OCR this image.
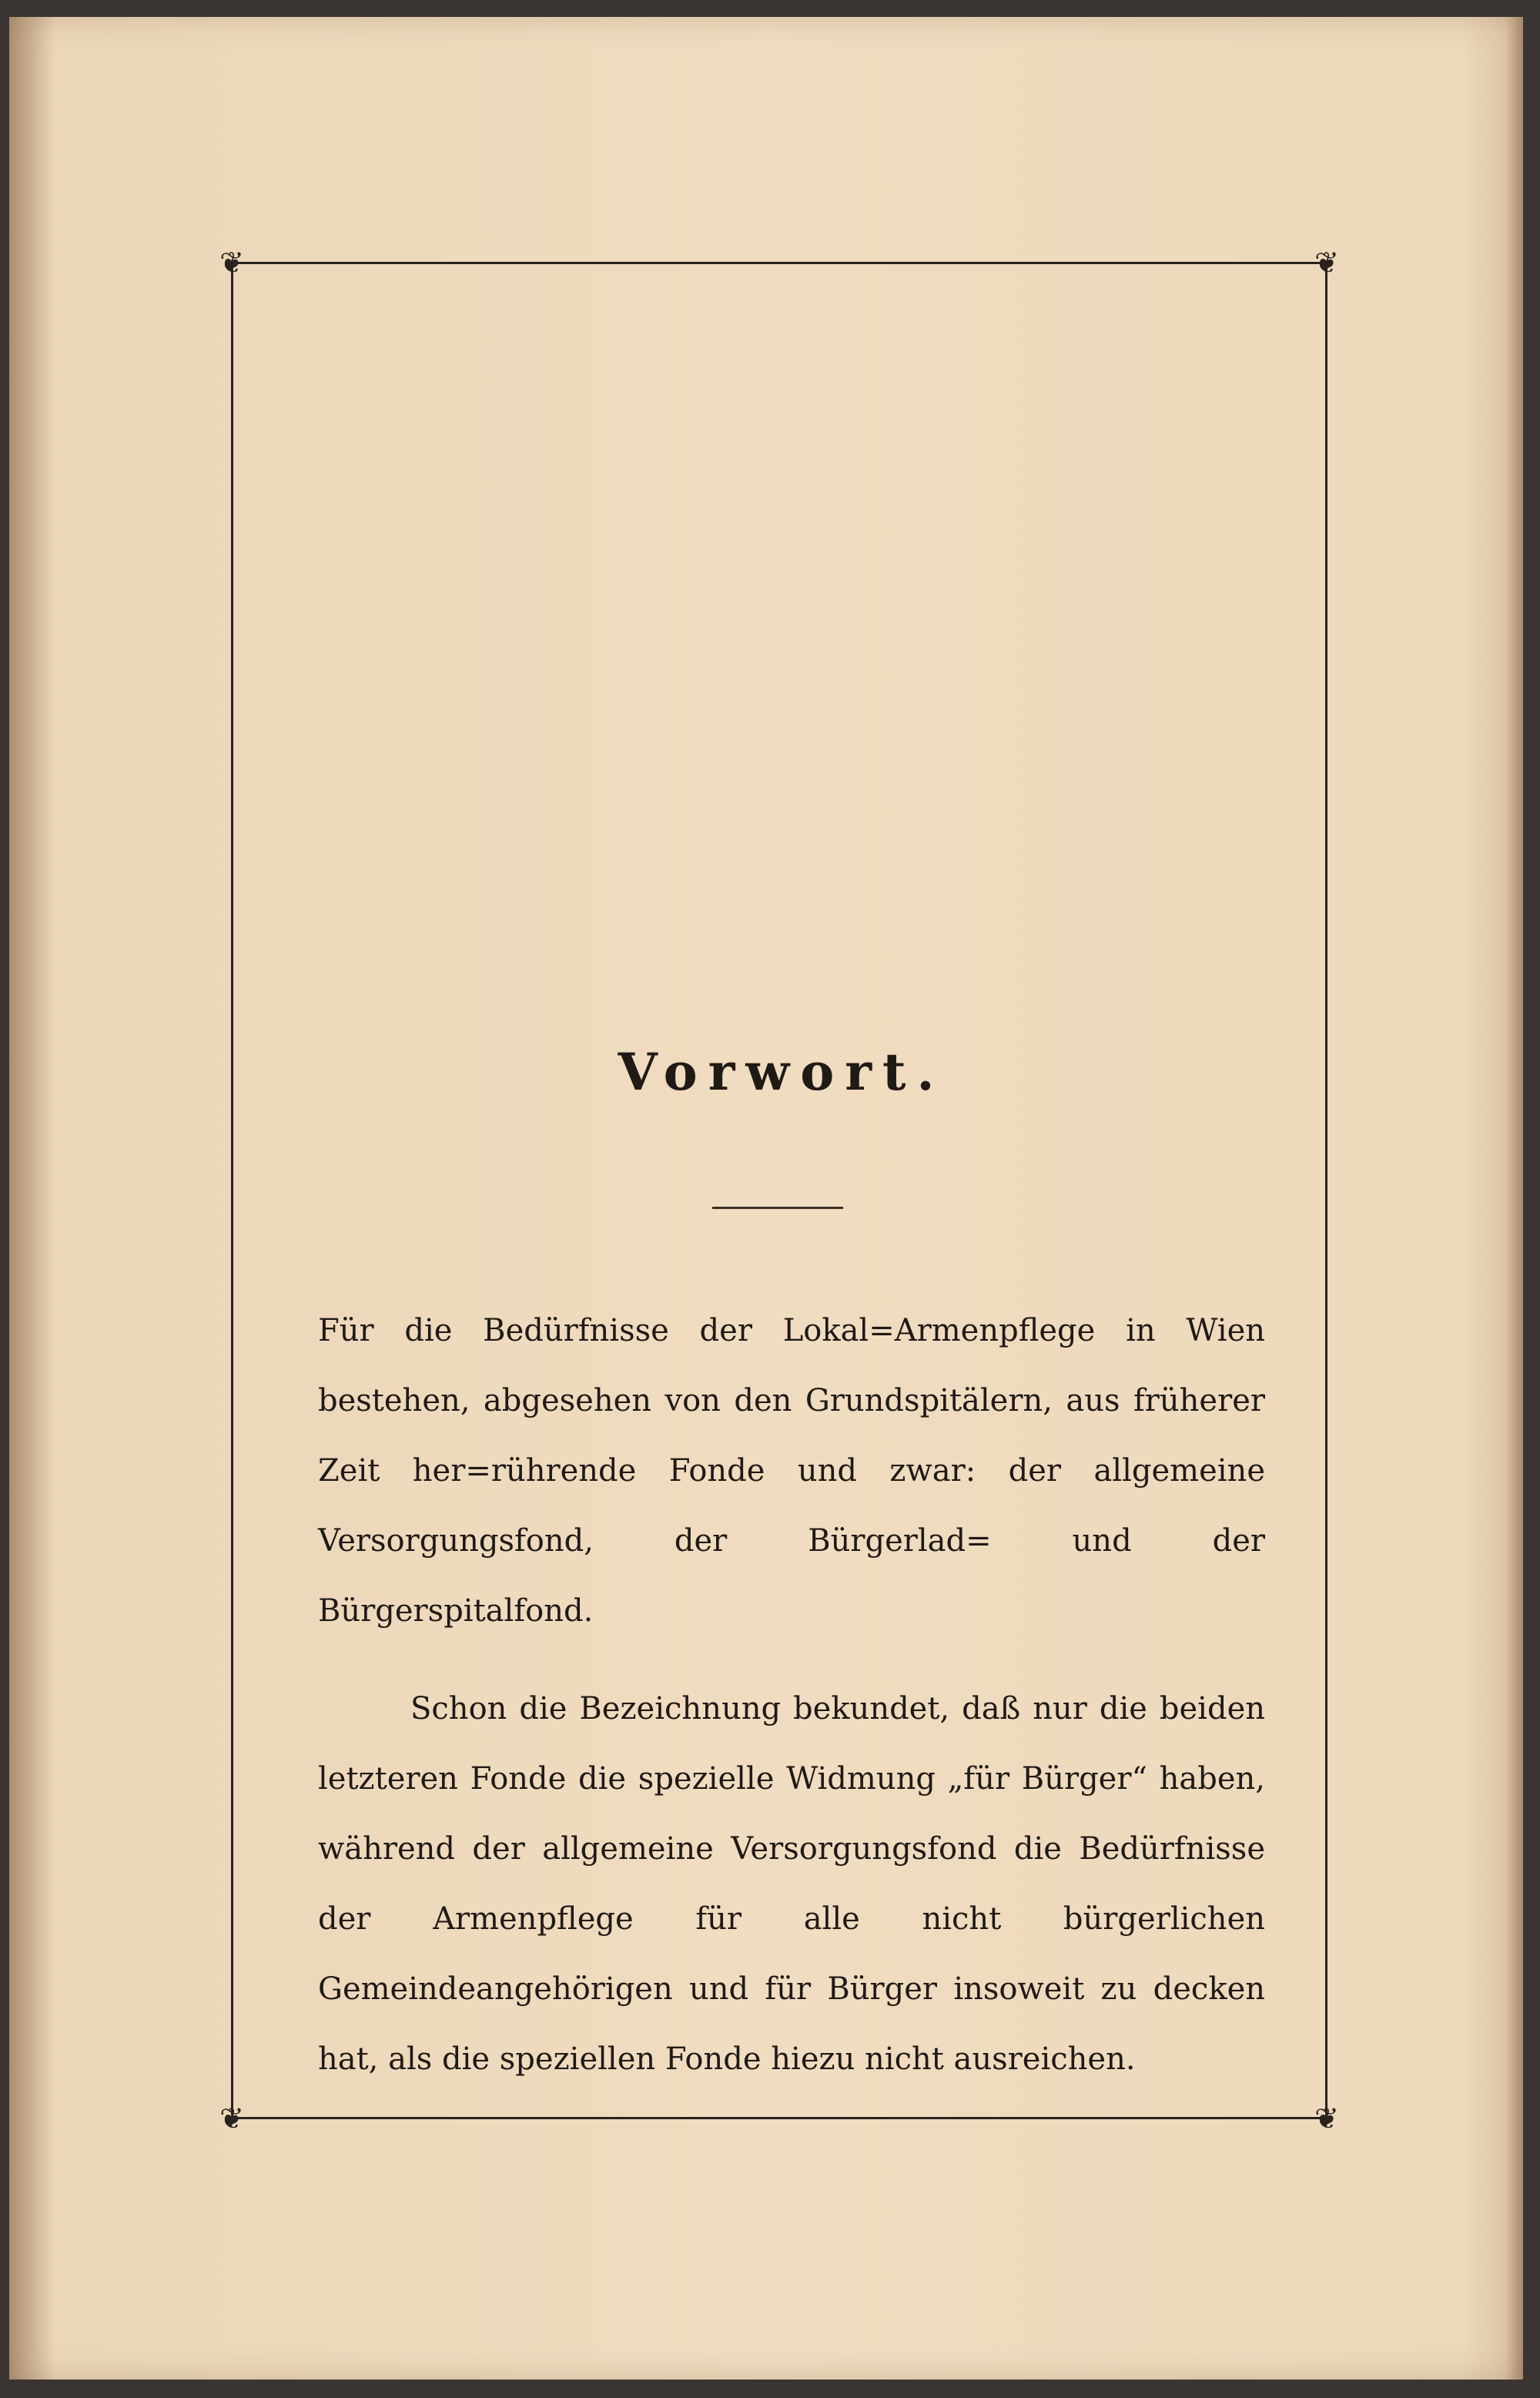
❦	❦
❦	❦
Vorwort.

Für die Bedürfnisse der Lokal=Armenpflege in Wien bestehen, abgesehen von den Grundspitälern, aus früherer Zeit her=rührende Fonde und zwar: der allgemeine Versorgungsfond, der Bürgerlad= und der Bürgerspitalfond.

Schon die Bezeichnung bekundet, daß nur die beiden letzteren Fonde die spezielle Widmung „für Bürger“ haben, während der allgemeine Versorgungsfond die Bedürfnisse der Armenpflege für alle nicht bürgerlichen Gemeindeangehörigen und für Bürger insoweit zu decken hat, als die speziellen Fonde hiezu nicht ausreichen.
